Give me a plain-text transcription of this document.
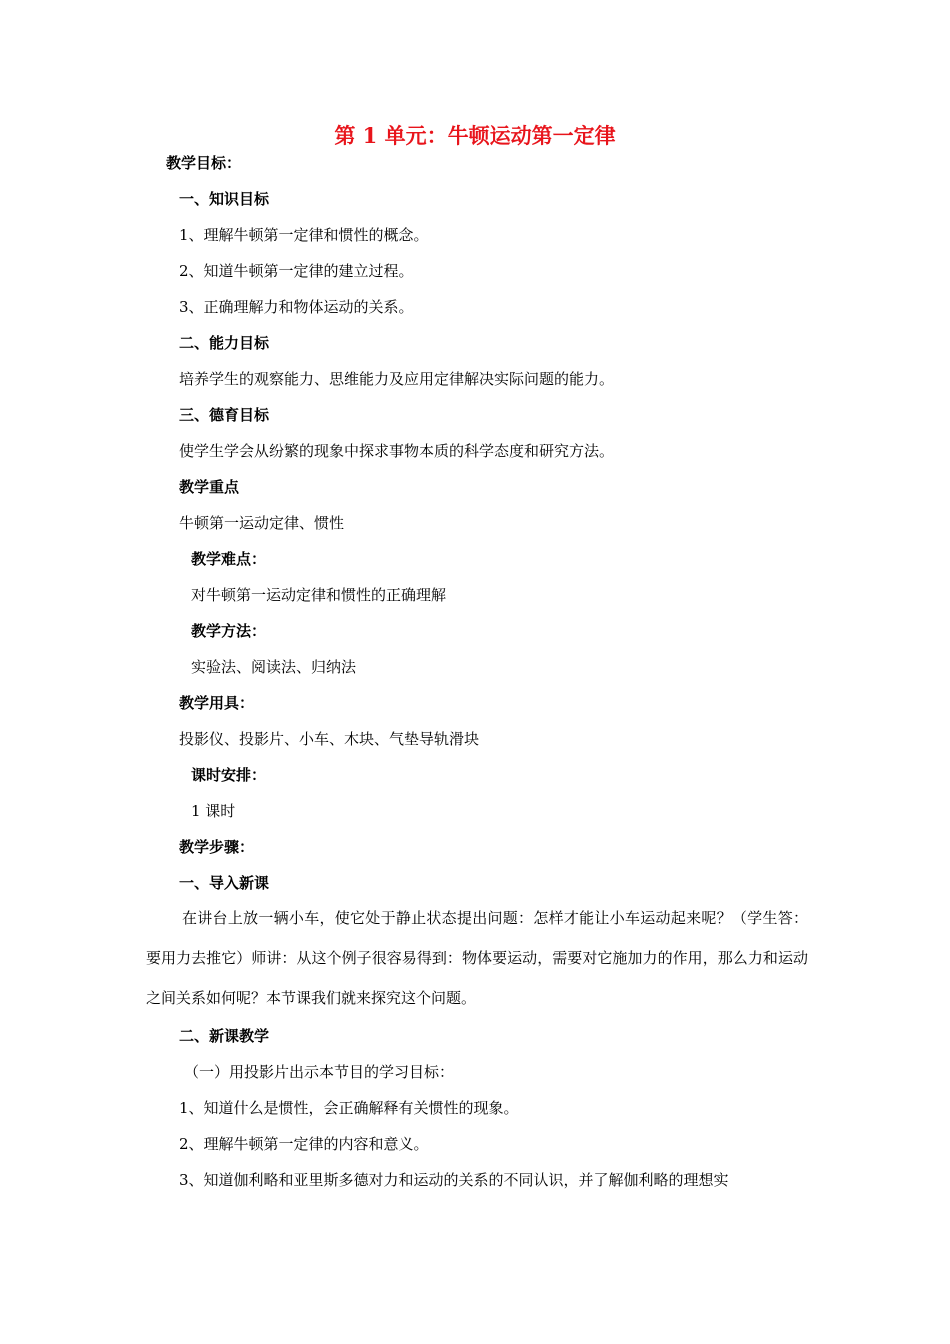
第 1 单元：牛顿运动第一定律
教学目标：
一、知识目标
1、理解牛顿第一定律和惯性的概念。
2、知道牛顿第一定律的建立过程。
3、正确理解力和物体运动的关系。
二、能力目标
培养学生的观察能力、思维能力及应用定律解决实际问题的能力。
三、德育目标
使学生学会从纷繁的现象中探求事物本质的科学态度和研究方法。
教学重点
牛顿第一运动定律、惯性
教学难点：
对牛顿第一运动定律和惯性的正确理解
教学方法：
实验法、阅读法、归纳法
教学用具：
投影仪、投影片、小车、木块、气垫导轨滑块
课时安排：
1 课时
教学步骤：
一、导入新课
在讲台上放一辆小车，使它处于静止状态提出问题：怎样才能让小车运动起来呢？（学生答：要用力去推它）师讲：从这个例子很容易得到：物体要运动，需要对它施加力的作用，那么力和运动之间关系如何呢？本节课我们就来探究这个问题。
二、新课教学
（一）用投影片出示本节目的学习目标：
1、知道什么是惯性，会正确解释有关惯性的现象。
2、理解牛顿第一定律的内容和意义。
3、知道伽利略和亚里斯多德对力和运动的关系的不同认识，并了解伽利略的理想实
